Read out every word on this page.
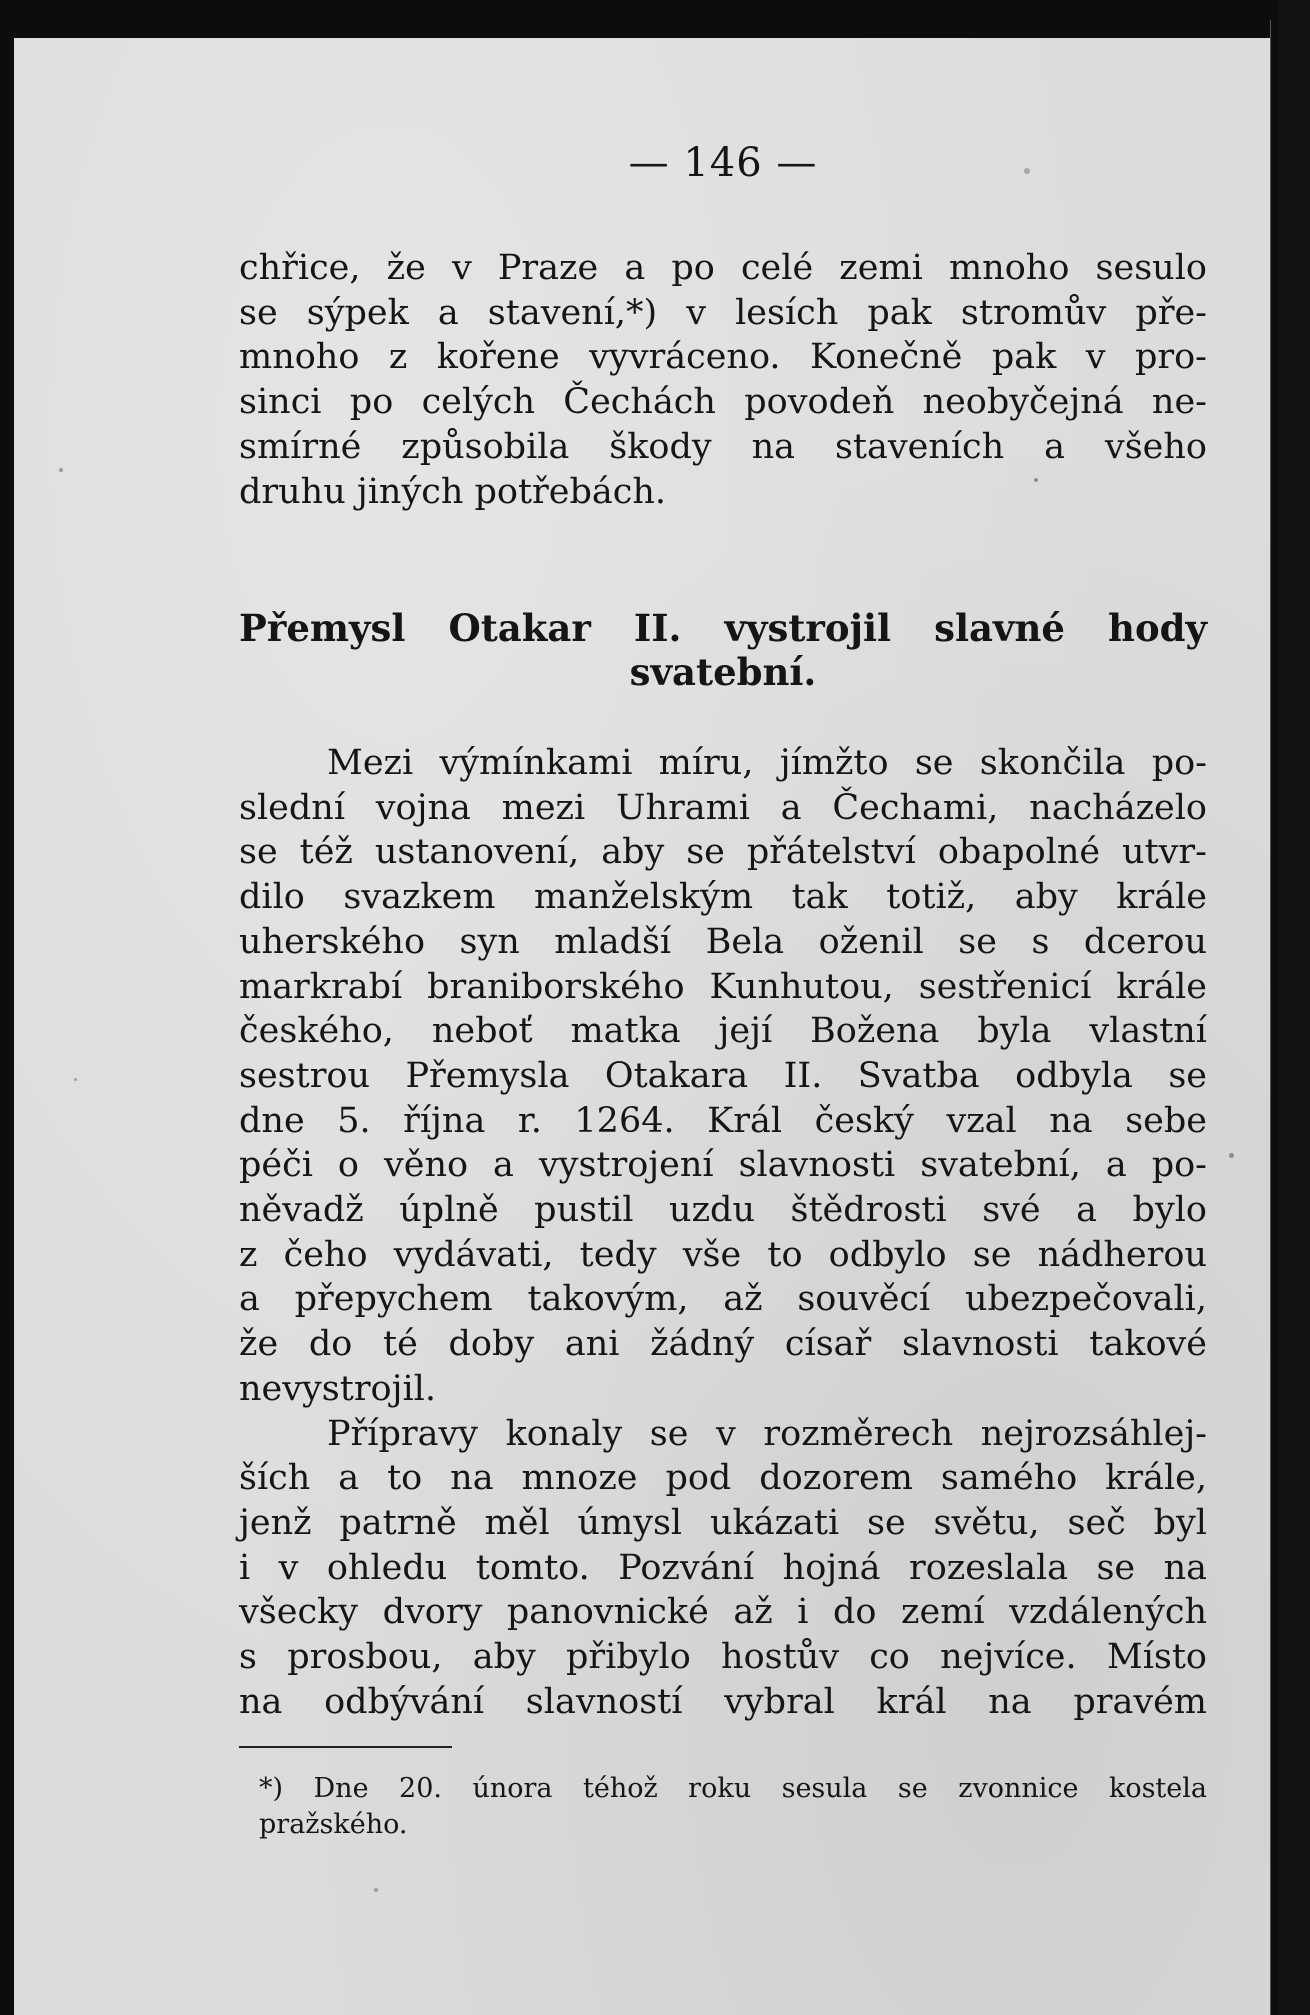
— 146 —
chřice, že v Praze a po celé zemi mnoho sesulo
se sýpek a stavení,*) v lesích pak stromův pře-
mnoho z kořene vyvráceno. Konečně pak v pro-
sinci po celých Čechách povodeň neobyčejná ne-
smírné způsobila škody na staveních a všeho
druhu jiných potřebách.
Přemysl Otakar II. vystrojil slavné hody
svatební.
Mezi výmínkami míru, jímžto se skončila po-
slední vojna mezi Uhrami a Čechami, nacházelo
se též ustanovení, aby se přátelství obapolné utvr-
dilo svazkem manželským tak totiž, aby krále
uherského syn mladší Bela oženil se s dcerou
markrabí braniborského Kunhutou, sestřenicí krále
českého, neboť matka její Božena byla vlastní
sestrou Přemysla Otakara II. Svatba odbyla se
dne 5. října r. 1264. Král český vzal na sebe
péči o věno a vystrojení slavnosti svatební, a po-
něvadž úplně pustil uzdu štědrosti své a bylo
z čeho vydávati, tedy vše to odbylo se nádherou
a přepychem takovým, až souvěcí ubezpečovali,
že do té doby ani žádný císař slavnosti takové
nevystrojil.
Přípravy konaly se v rozměrech nejrozsáhlej-
ších a to na mnoze pod dozorem samého krále,
jenž patrně měl úmysl ukázati se světu, seč byl
i v ohledu tomto. Pozvání hojná rozeslala se na
všecky dvory panovnické až i do zemí vzdálených
s prosbou, aby přibylo hostův co nejvíce. Místo
na odbývání slavností vybral král na pravém
*) Dne 20. února téhož roku sesula se zvonnice kostela
pražského.
